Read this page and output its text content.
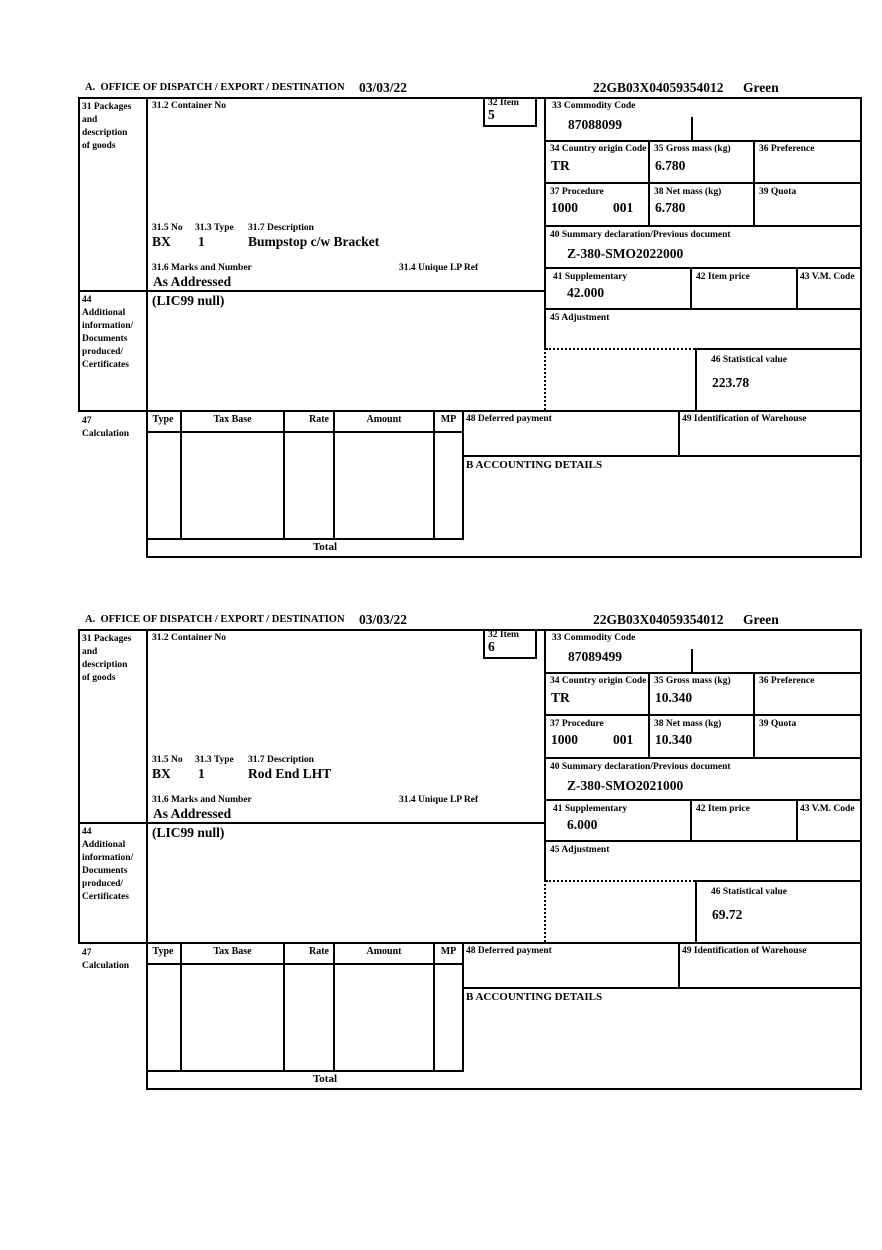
A.  OFFICE OF DISPATCH / EXPORT / DESTINATION 03/03/22	22GB03X04059354012 Green
31 Packages
and
description
of goods
44
Additional
information/
Documents
produced/
Certificates
47
Calculation
31.2 Container No	32 Item
5
31.5 No 31.3 Type 31.7 Description
BX 1	Bumpstop c/w Bracket
31.6 Marks and Number	31.4 Unique LP Ref
As Addressed
(LIC99 null)
33 Commodity Code
87088099
34 Country origin Code
TR
35 Gross mass (kg)
6.780
36 Preference
37 Procedure
1000	001
38 Net mass (kg)
6.780
39 Quota
40 Summary declaration/Previous document
Z-380-SMO2022000
41 Supplementary
42.000
42 Item price	43 V.M. Code
45 Adjustment
46 Statistical value
223.78
Type	Tax Base	Rate	Amount	MP	48 Deferred payment	49 Identification of Warehouse
B ACCOUNTING DETAILS
Total
A.  OFFICE OF DISPATCH / EXPORT / DESTINATION 03/03/22	22GB03X04059354012 Green
31 Packages
and
description
of goods
44
Additional
information/
Documents
produced/
Certificates
47
Calculation
31.2 Container No	32 Item
6
31.5 No 31.3 Type 31.7 Description
BX 1	Rod End LHT
31.6 Marks and Number	31.4 Unique LP Ref
As Addressed
(LIC99 null)
33 Commodity Code
87089499
34 Country origin Code
TR
35 Gross mass (kg)
10.340
36 Preference
37 Procedure
1000	001
38 Net mass (kg)
10.340
39 Quota
40 Summary declaration/Previous document
Z-380-SMO2021000
41 Supplementary
6.000
42 Item price	43 V.M. Code
45 Adjustment
46 Statistical value
69.72
Type	Tax Base	Rate	Amount	MP	48 Deferred payment	49 Identification of Warehouse
B ACCOUNTING DETAILS
Total
